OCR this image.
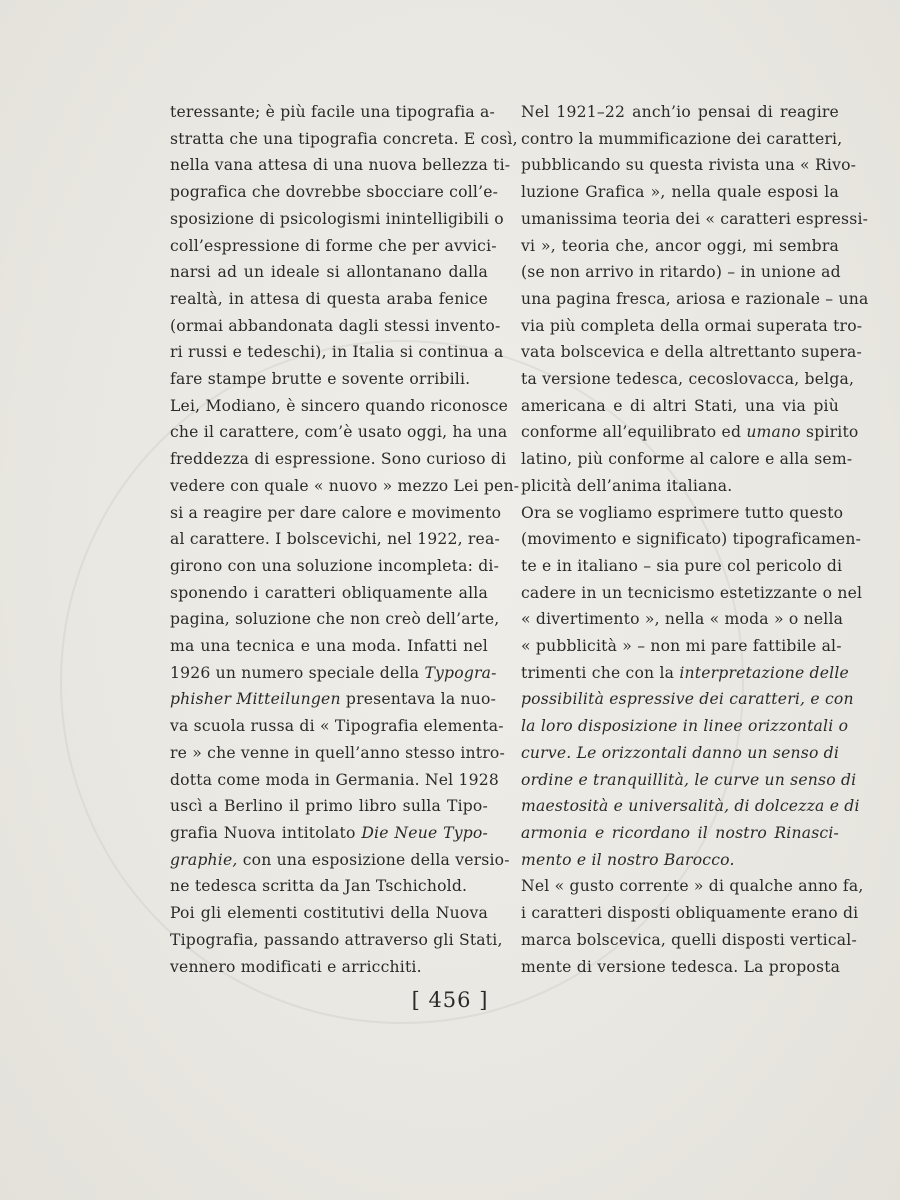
teressante; è più facile una tipografia a-
stratta che una tipografia concreta. E così,
nella vana attesa di una nuova bellezza ti-
pografica che dovrebbe sbocciare coll’e-
sposizione di psicologismi inintelligibili o
coll’espressione di forme che per avvici-
narsi ad un ideale si allontanano dalla
realtà, in attesa di questa araba fenice
(ormai abbandonata dagli stessi invento-
ri russi e tedeschi), in Italia si continua a
fare stampe brutte e sovente orribili.
Lei, Modiano, è sincero quando riconosce
che il carattere, com’è usato oggi, ha una
freddezza di espressione. Sono curioso di
vedere con quale « nuovo » mezzo Lei pen-
si a reagire per dare calore e movimento
al carattere. I bolscevichi, nel 1922, rea-
girono con una soluzione incompleta: di-
sponendo i caratteri obliquamente alla
pagina, soluzione che non creò dell’arte,
ma una tecnica e una moda. Infatti nel
1926 un numero speciale della Typogra-
phisher Mitteilungen presentava la nuo-
va scuola russa di « Tipografia elementa-
re » che venne in quell’anno stesso intro-
dotta come moda in Germania. Nel 1928
uscì a Berlino il primo libro sulla Tipo-
grafia Nuova intitolato Die Neue Typo-
graphie, con una esposizione della versio-
ne tedesca scritta da Jan Tschichold.
Poi gli elementi costitutivi della Nuova
Tipografia, passando attraverso gli Stati,
vennero modificati e arricchiti.
Nel 1921–22 anch’io pensai di reagire
contro la mummificazione dei caratteri,
pubblicando su questa rivista una « Rivo-
luzione Grafica », nella quale esposi la
umanissima teoria dei « caratteri espressi-
vi », teoria che, ancor oggi, mi sembra
(se non arrivo in ritardo) – in unione ad
una pagina fresca, ariosa e razionale – una
via più completa della ormai superata tro-
vata bolscevica e della altrettanto supera-
ta versione tedesca, cecoslovacca, belga,
americana e di altri Stati, una via più
conforme all’equilibrato ed umano spirito
latino, più conforme al calore e alla sem-
plicità dell’anima italiana.
Ora se vogliamo esprimere tutto questo
(movimento e significato) tipograficamen-
te e in italiano – sia pure col pericolo di
cadere in un tecnicismo estetizzante o nel
« divertimento », nella « moda » o nella
« pubblicità » – non mi pare fattibile al-
trimenti che con la interpretazione delle
possibilità espressive dei caratteri, e con
la loro disposizione in linee orizzontali o
curve. Le orizzontali danno un senso di
ordine e tranquillità, le curve un senso di
maestosità e universalità, di dolcezza e di
armonia e ricordano il nostro Rinasci-
mento e il nostro Barocco.
Nel « gusto corrente » di qualche anno fa,
i caratteri disposti obliquamente erano di
marca bolscevica, quelli disposti vertical-
mente di versione tedesca. La proposta
[ 456 ]
